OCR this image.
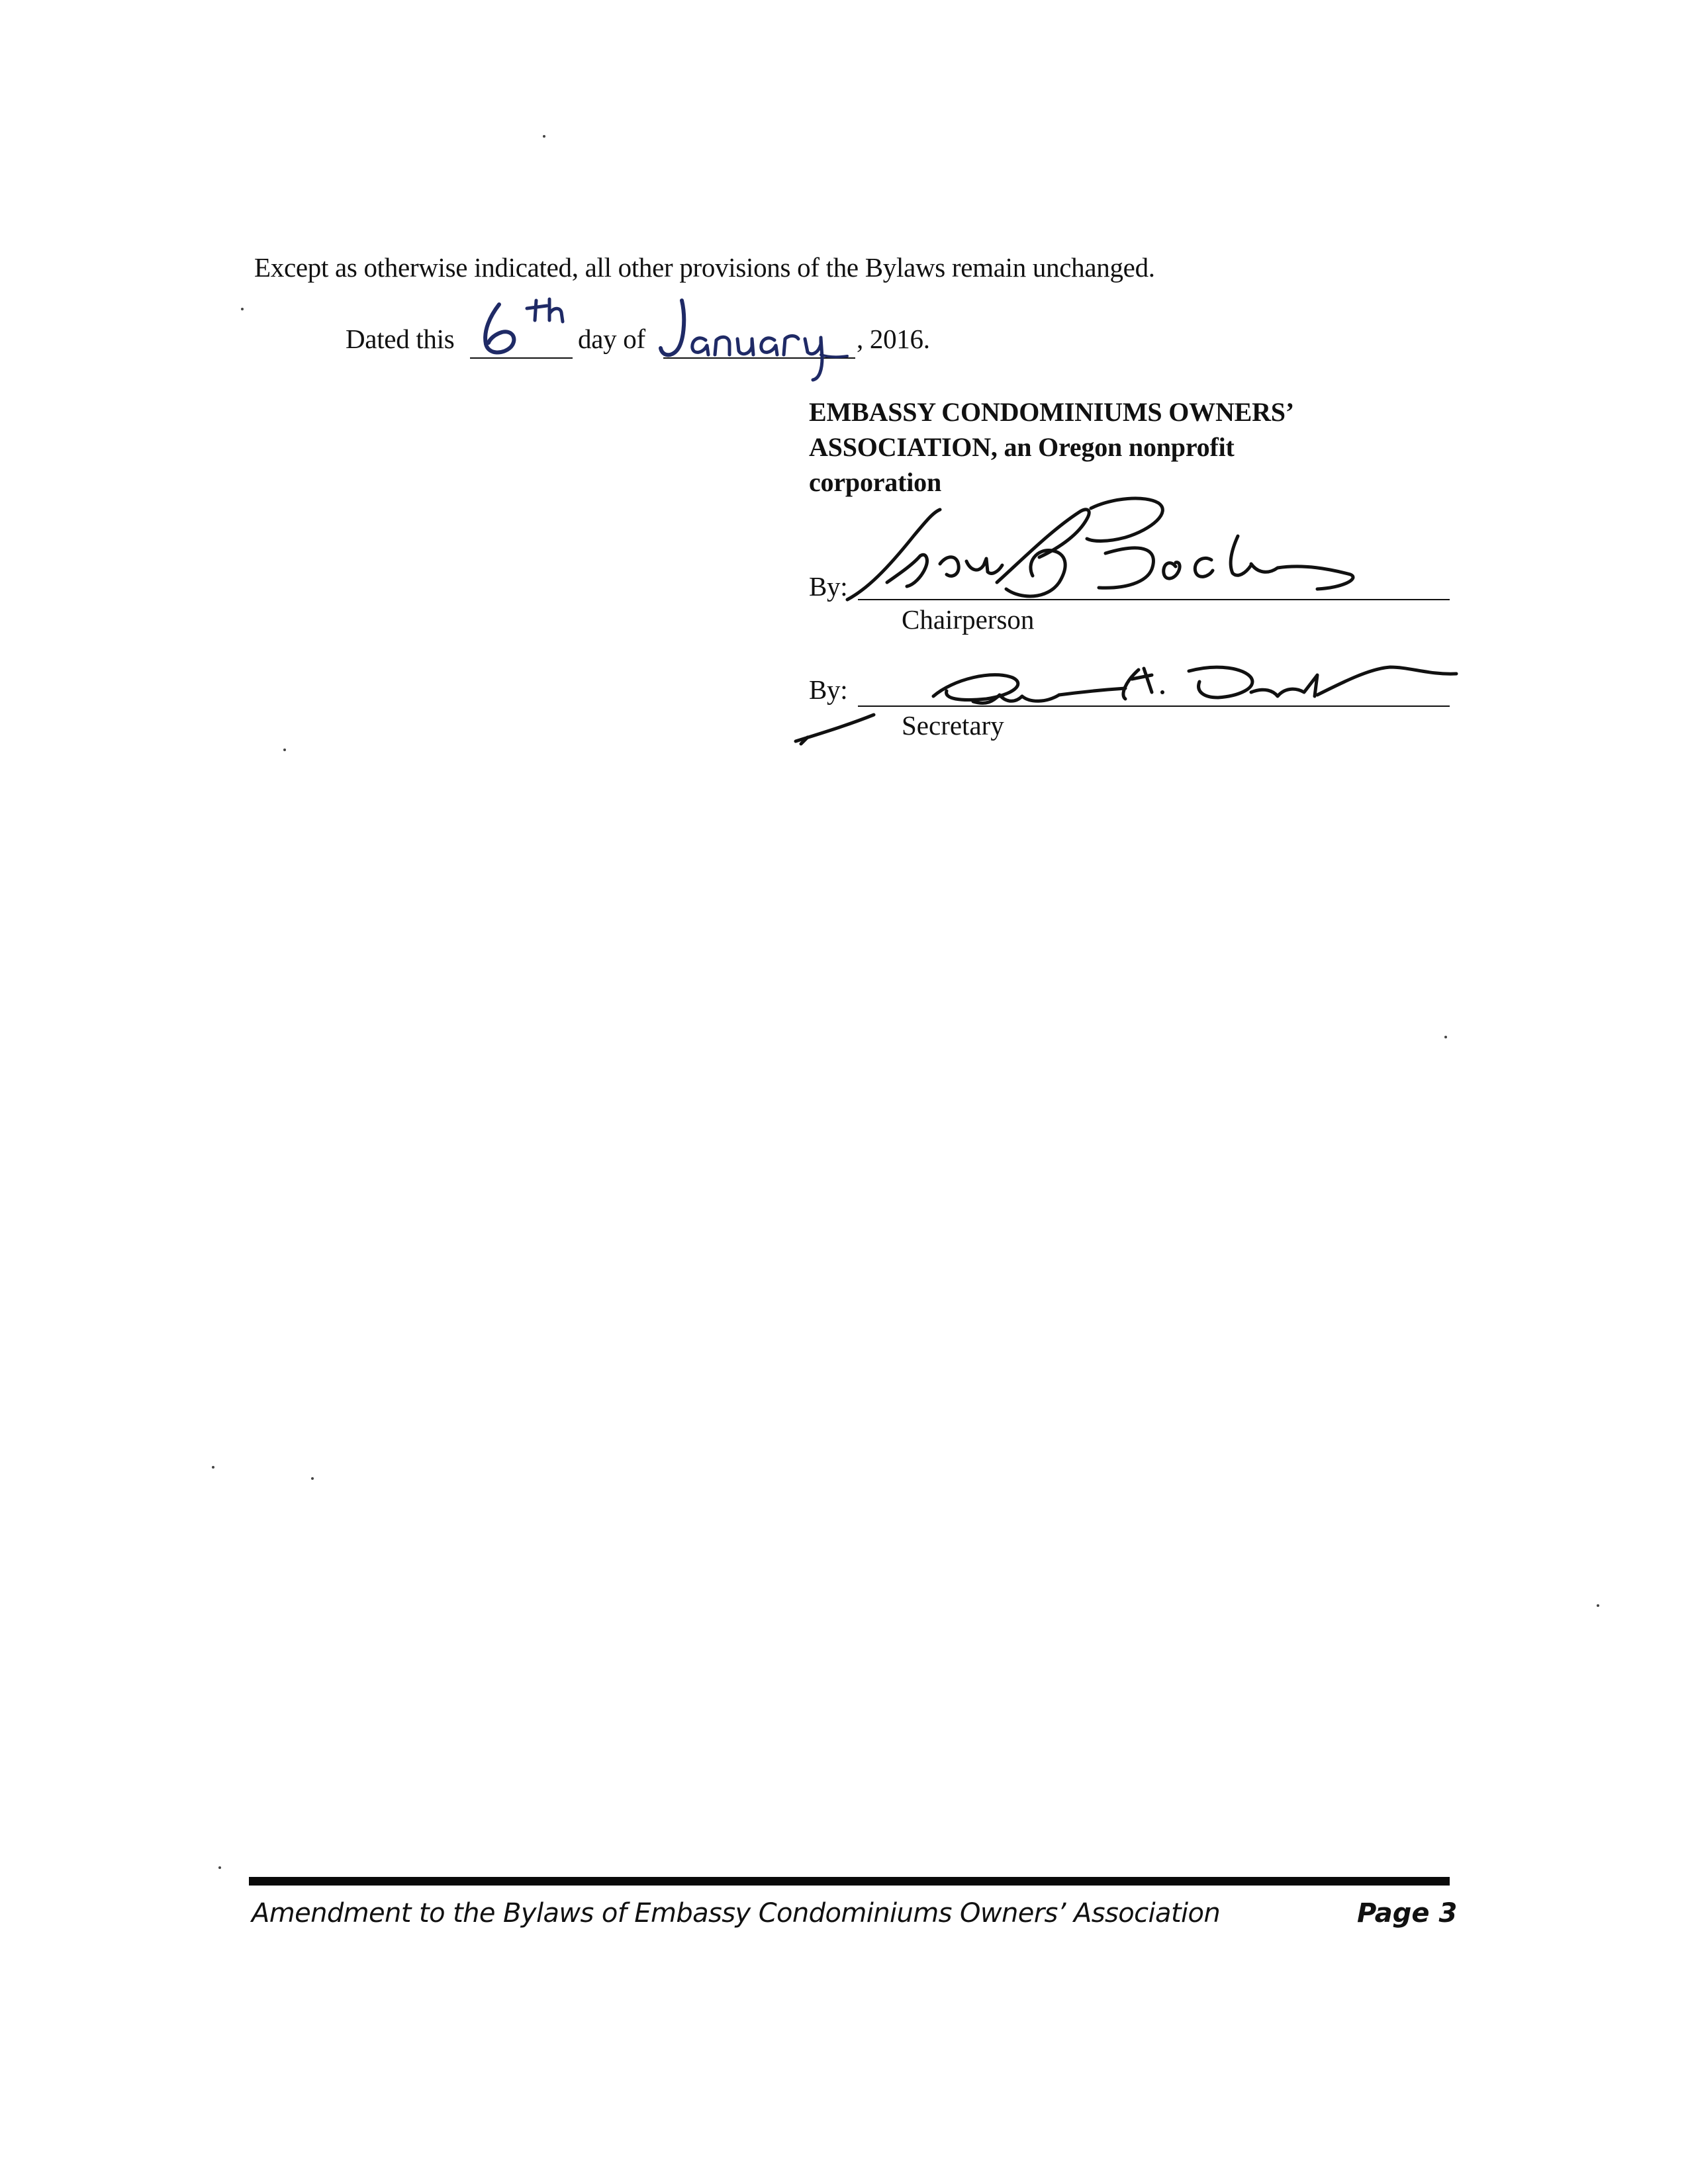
Except as otherwise indicated, all other provisions of the Bylaws remain unchanged.
Dated this	day of	, 2016.
EMBASSY CONDOMINIUMS OWNERS’
ASSOCIATION, an Oregon nonprofit
corporation
By:
Chairperson
By:
Secretary
Amendment to the Bylaws of Embassy Condominiums Owners’ Association	Page 3
